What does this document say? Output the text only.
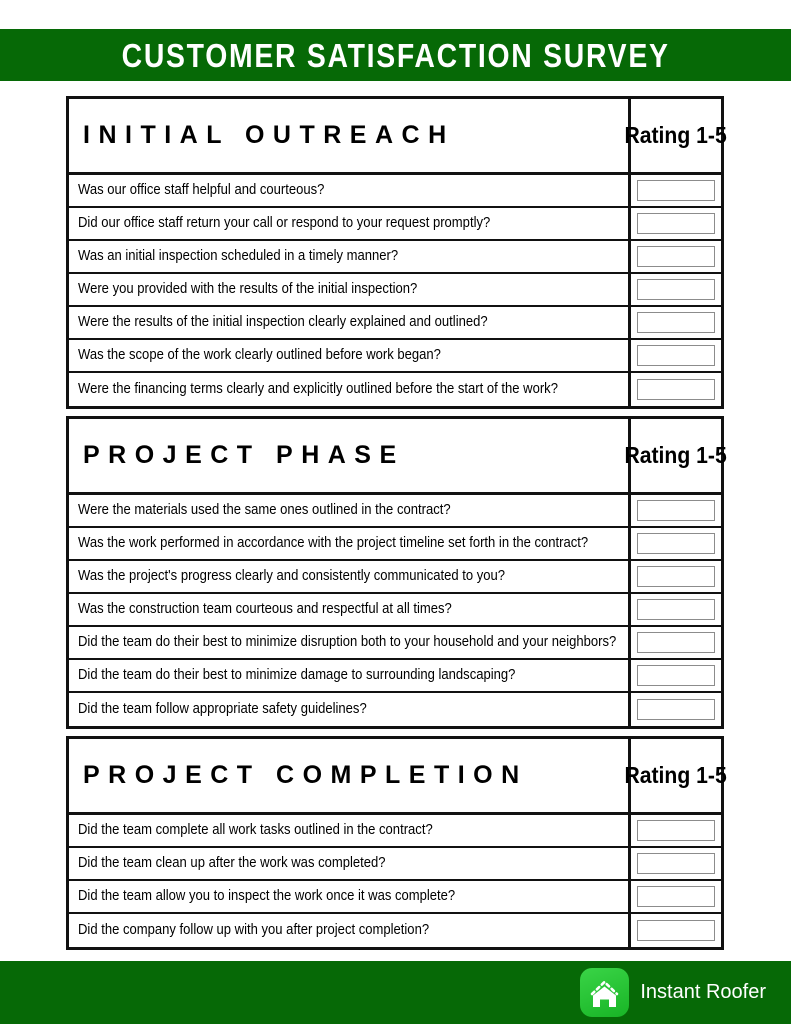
CUSTOMER SATISFACTION SURVEY
INITIAL OUTREACH	Rating 1-5
Was our office staff helpful and courteous?
Did our office staff return your call or respond to your request promptly?
Was an initial inspection scheduled in a timely manner?
Were you provided with the results of the initial inspection?
Were the results of the initial inspection clearly explained and outlined?
Was the scope of the work clearly outlined before work began?
Were the financing terms clearly and explicitly outlined before the start of the work?
PROJECT PHASE	Rating 1-5
Were the materials used the same ones outlined in the contract?
Was the work performed in accordance with the project timeline set forth in the contract?
Was the project's progress clearly and consistently communicated to you?
Was the construction team courteous and respectful at all times?
Did the team do their best to minimize disruption both to your household and your neighbors?
Did the team do their best to minimize damage to surrounding landscaping?
Did the team follow appropriate safety guidelines?
PROJECT COMPLETION	Rating 1-5
Did the team complete all work tasks outlined in the contract?
Did the team clean up after the work was completed?
Did the team allow you to inspect the work once it was complete?
Did the company follow up with you after project completion?
Instant Roofer
